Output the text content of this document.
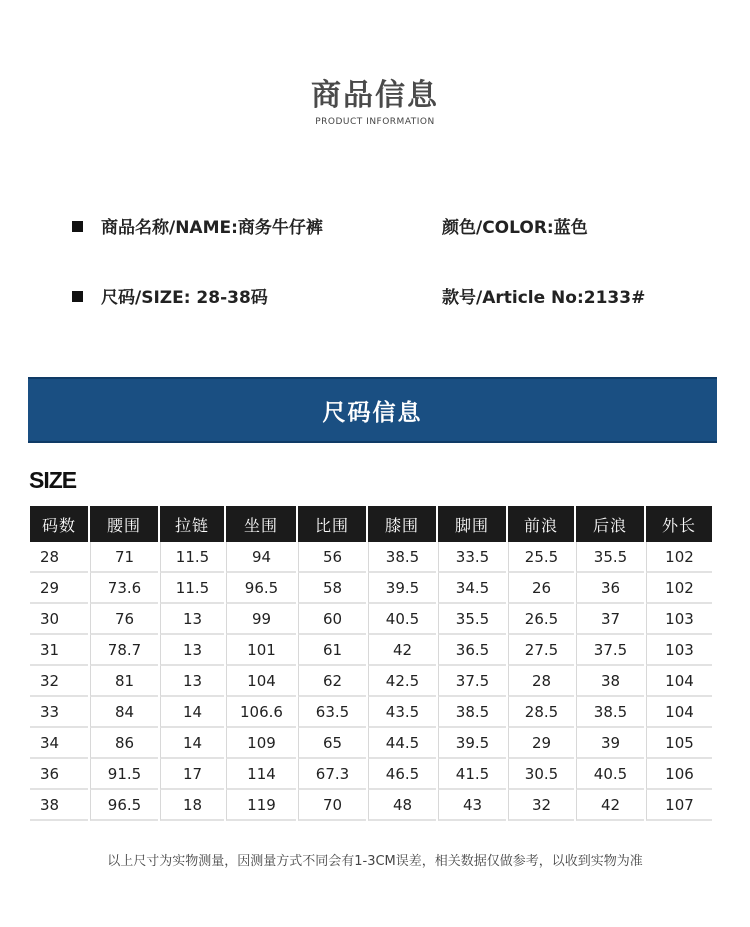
商品信息
PRODUCT INFORMATION
商品名称/NAME:商务牛仔裤	颜色/COLOR:蓝色
尺码/SIZE: 28-38码	款号/Article No:2133#
尺码信息
SIZE
码数	腰围	拉链	坐围	比围	膝围	脚围	前浪	后浪	外长
28	71	11.5	94	56	38.5	33.5	25.5	35.5	102
29	73.6	11.5	96.5	58	39.5	34.5	26	36	102
30	76	13	99	60	40.5	35.5	26.5	37	103
31	78.7	13	101	61	42	36.5	27.5	37.5	103
32	81	13	104	62	42.5	37.5	28	38	104
33	84	14	106.6	63.5	43.5	38.5	28.5	38.5	104
34	86	14	109	65	44.5	39.5	29	39	105
36	91.5	17	114	67.3	46.5	41.5	30.5	40.5	106
38	96.5	18	119	70	48	43	32	42	107
以上尺寸为实物测量，因测量方式不同会有1-3CM误差，相关数据仅做参考，以收到实物为准
